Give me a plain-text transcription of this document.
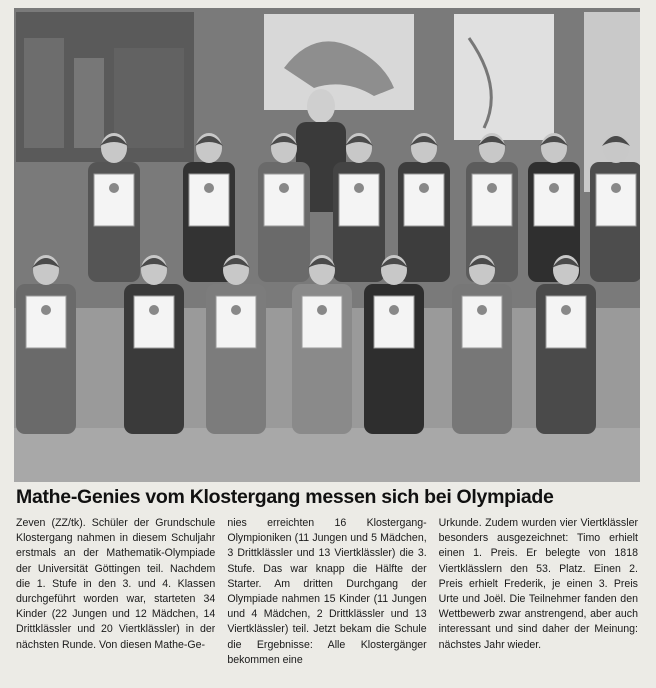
Mathe-Genies vom Klostergang messen sich bei Olympiade

Zeven (ZZ/tk). Schüler der Grundschule Klostergang nahmen in diesem Schuljahr erstmals an der Mathematik-Olympiade der Universität Göttingen teil. Nachdem die 1. Stufe in den 3. und 4. Klassen durchgeführt worden war, starteten 34 Kinder (22 Jungen und 12 Mädchen, 14 Drittklässler und 20 Viertklässler) in der nächsten Runde. Von diesen Mathe-Ge-

nies erreichten 16 Klostergang-Olympioniken (11 Jungen und 5 Mädchen, 3 Drittklässler und 13 Viertklässler) die 3. Stufe. Das war knapp die Hälfte der Starter. Am dritten Durchgang der Olympiade nahmen 15 Kinder (11 Jungen und 4 Mädchen, 2 Drittklässler und 13 Viertklässler) teil. Jetzt bekam die Schule die Ergebnisse: Alle Klostergänger bekommen eine

Urkunde. Zudem wurden vier Viertklässler besonders ausgezeichnet: Timo erhielt einen 1. Preis. Er belegte von 1818 Viertklässlern den 53. Platz. Einen 2. Preis erhielt Frederik, je einen 3. Preis Urte und Joël. Die Teilnehmer fanden den Wettbewerb zwar anstrengend, aber auch interessant und sind daher der Meinung: nächstes Jahr wieder.
